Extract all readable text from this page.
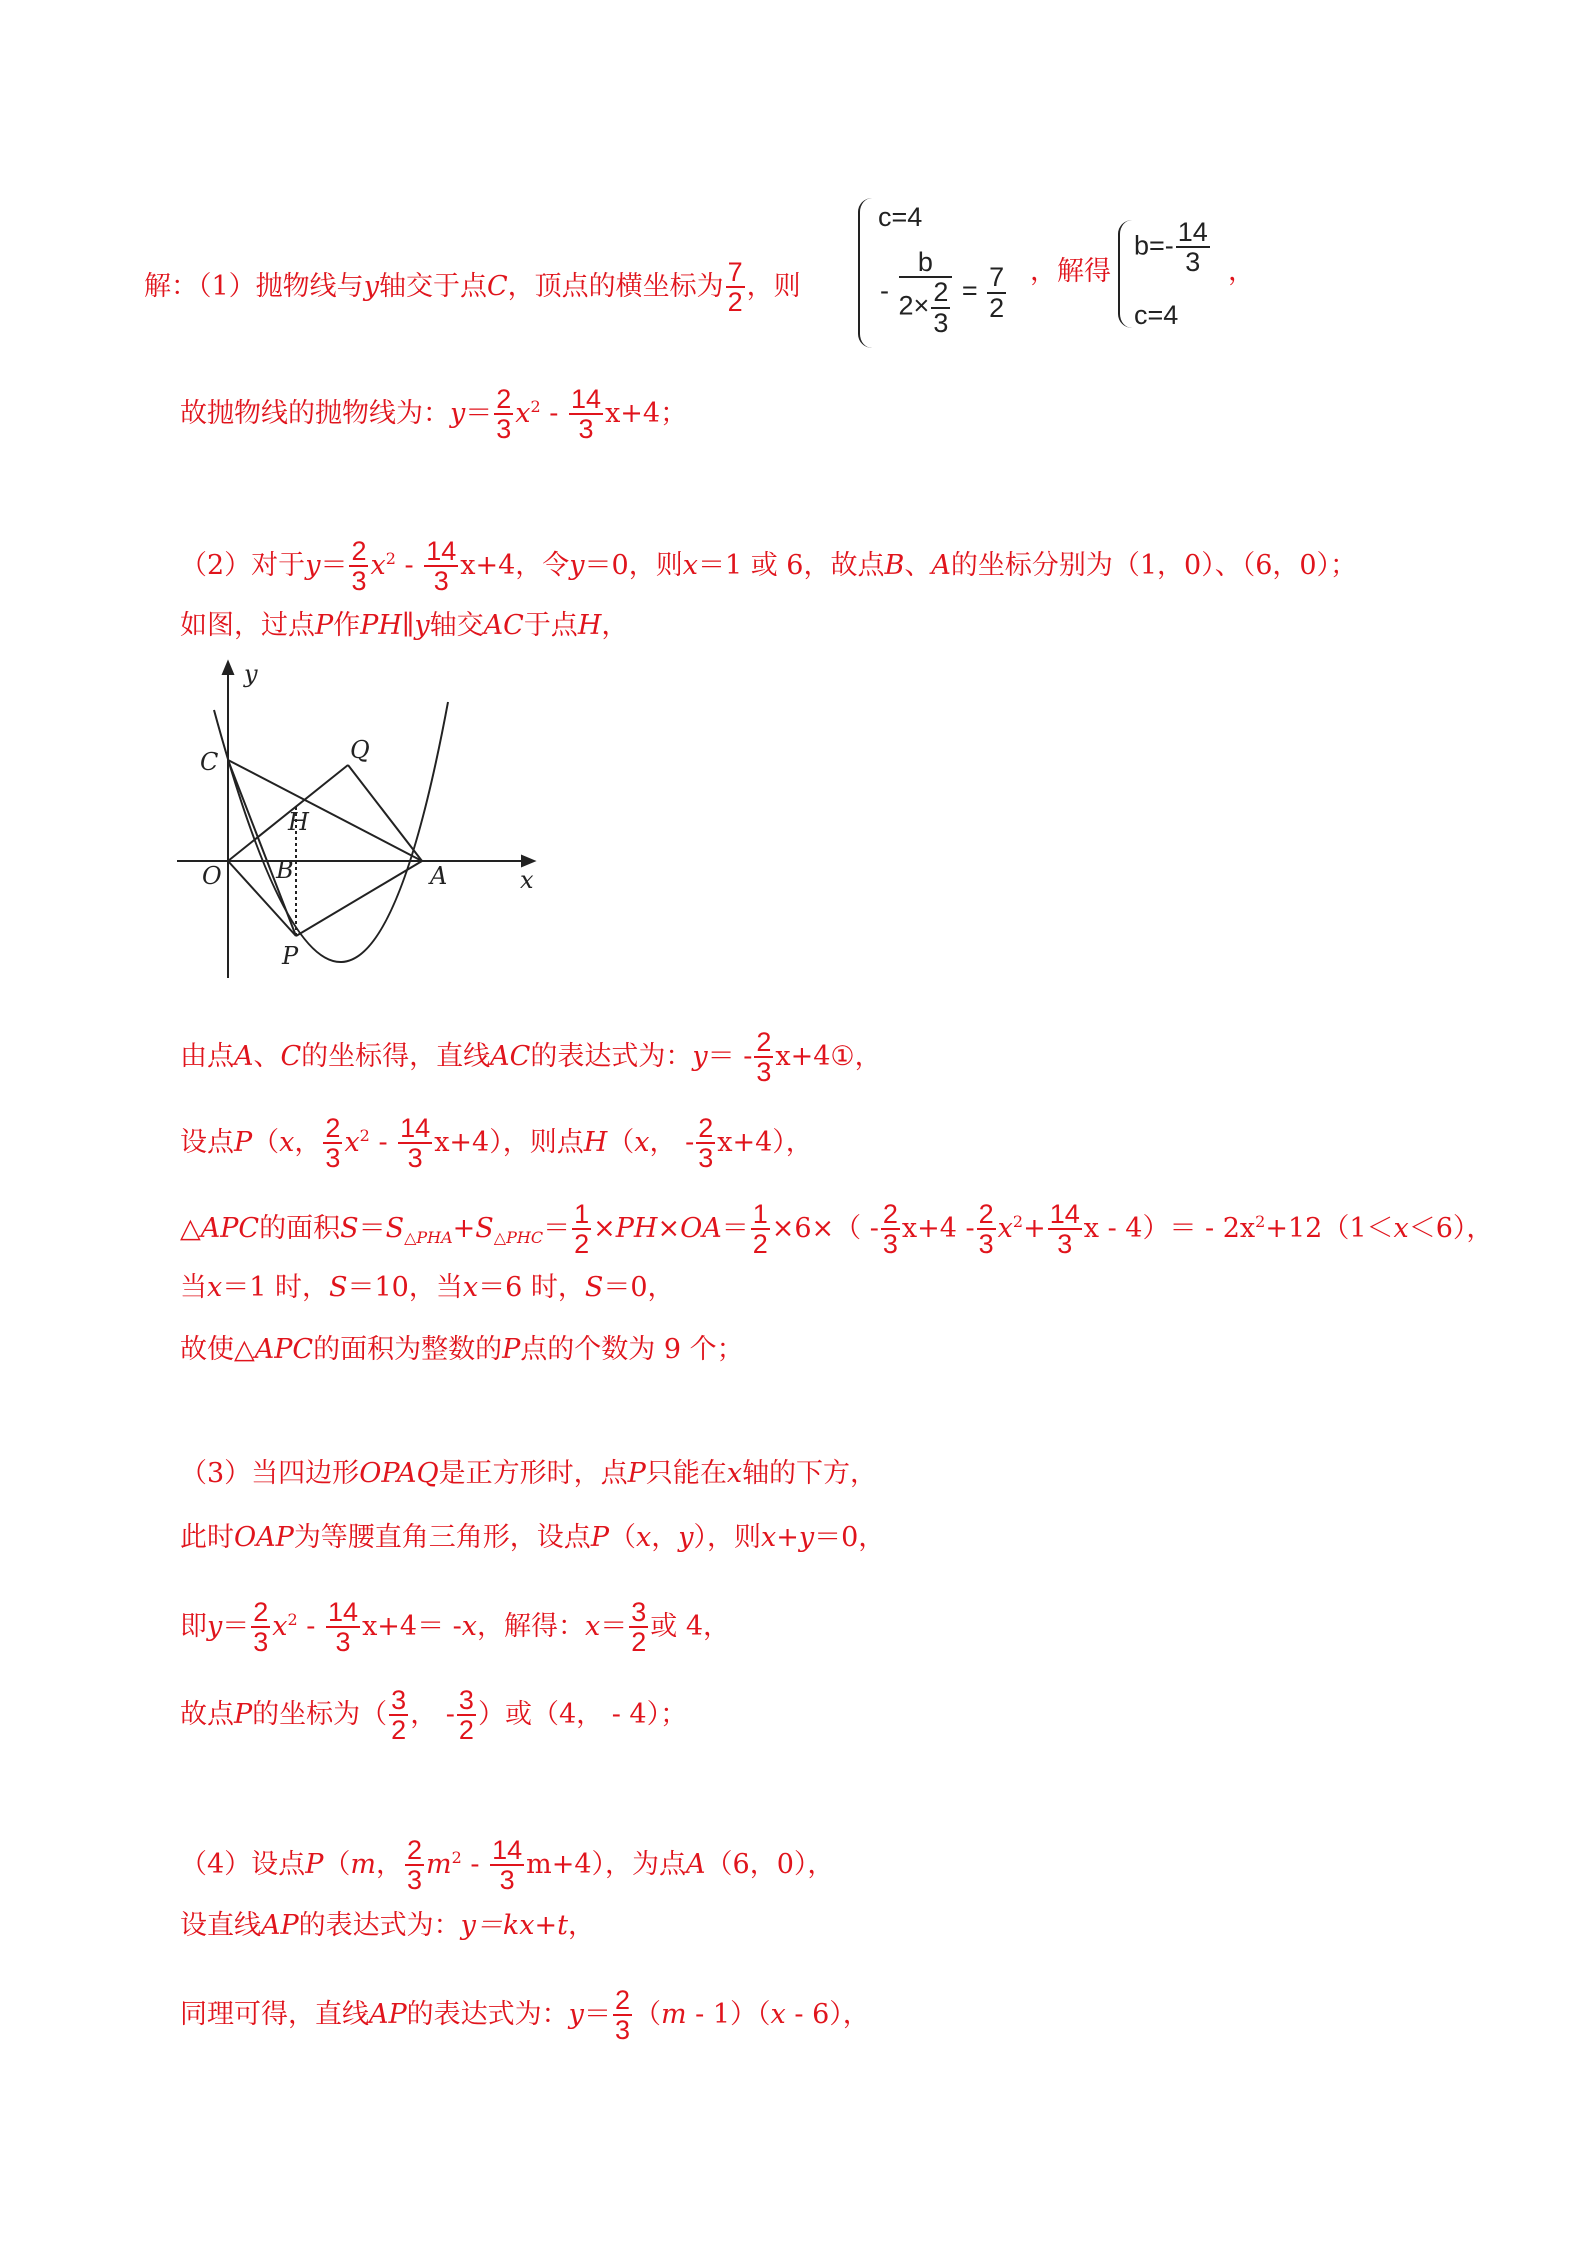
解：（1）抛物线与y轴交于点C，顶点的横坐标为 $\frac{7}{2}$ ，则
c=4
- $\frac{b}{2\times \frac{2}{3}} = \frac{7}{2}$ ，解得
$b=- \frac{14}{3}$
c=4
，
故抛物线的抛物线为：$y= \frac{2}{3} x^2 - \frac{14}{3} x+4$；
（2）对于$y= \frac{2}{3} x^2 - \frac{14}{3} x+4$，令y＝0，则x＝1 或 6，故点B、A的坐标分别为（1，0）、（6，0）；
如图，过点P作PH∥y轴交AC于点H，
y
x
C	Q
H
O B	A
P
由点A、C的坐标得，直线AC的表达式为：$y= - \frac{2}{3}$ x+4①，
设点P（x， $\frac{2}{3} x^2 - \frac{14}{3} x+4$），则点H（x， - $\frac{2}{3} x+4$），
△APC的面积$S=S_{\triangle PHA}+S_{\triangle PHC}= \frac{1}{2} \times PH\times OA= \frac{1}{2} \times 6\times( - \frac{2}{3} x+4 - \frac{2}{3} x^2+ \frac{14}{3}$ $x - 4)= - 2x^2+12(1<x<6)$，
当x＝1 时，S＝10，当x＝6 时，S＝0，
故使△APC的面积为整数的P点的个数为 9 个；
（3）当四边形OPAQ是正方形时，点P只能在x轴的下方，
此时OAP为等腰直角三角形，设点P（x，y），则x+y＝0，
即$y= \frac{2}{3} x^2 - \frac{14}{3} x+4= -x$，解得：$x= \frac{3}{2}$ 或 4，
故点P的坐标为（ $\frac{3}{2}$ ， - $\frac{3}{2}$ ）或（4， - 4）；
（4）设点P（m， $\frac{2}{3} m^2 - \frac{14}{3} m+4$），为点A（6，0），
设直线AP的表达式为：y＝kx+t，
同理可得，直线AP的表达式为：$y= \frac{2}{3} (m - 1)(x - 6)$，
